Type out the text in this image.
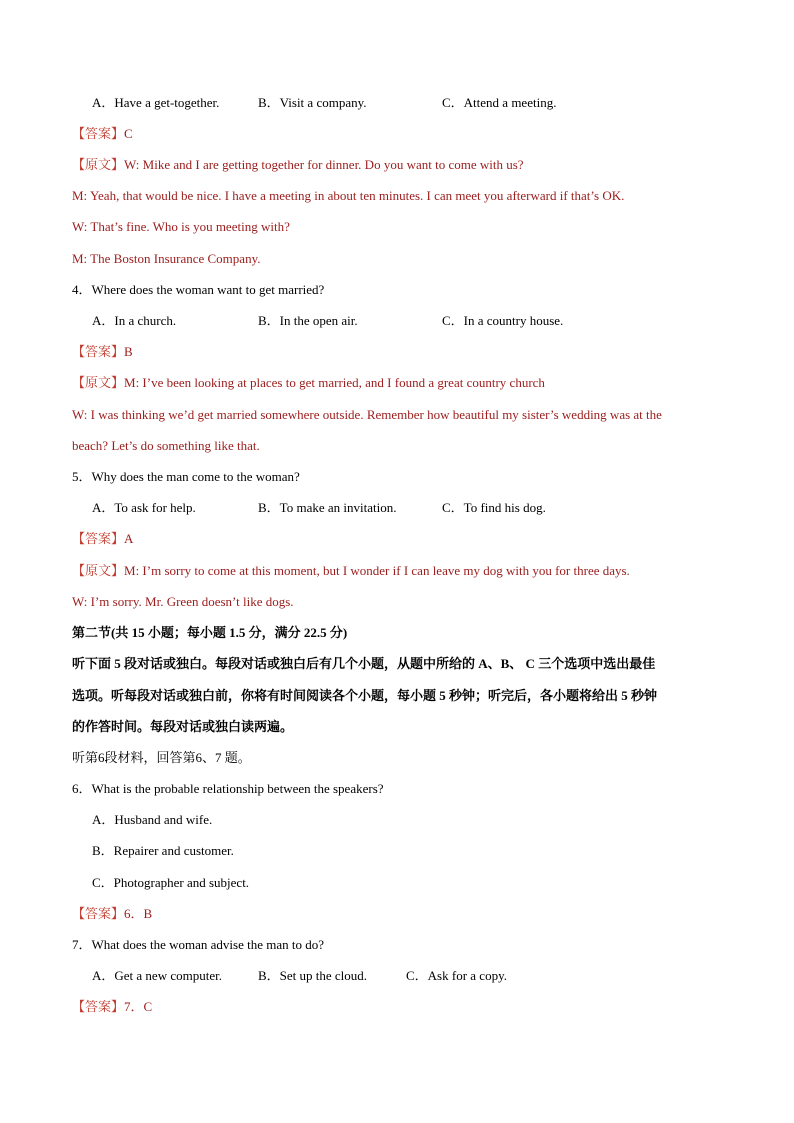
A．Have a get-together.	B．Visit a company.	C．Attend a meeting.
【答案】C
【原文】W: Mike and I are getting together for dinner. Do you want to come with us?
M: Yeah, that would be nice. I have a meeting in about ten minutes. I can meet you afterward if that’s OK.
W: That’s fine. Who is you meeting with?
M: The Boston Insurance Company.
4．Where does the woman want to get married?
A．In a church.	B．In the open air.	C．In a country house.
【答案】B
【原文】M: I’ve been looking at places to get married, and I found a great country church
W: I was thinking we’d get married somewhere outside. Remember how beautiful my sister’s wedding was at the
beach? Let’s do something like that.
5．Why does the man come to the woman?
A．To ask for help.	B．To make an invitation.	C．To find his dog.
【答案】A
【原文】M: I’m sorry to come at this moment, but I wonder if I can leave my dog with you for three days.
W: I’m sorry. Mr. Green doesn’t like dogs.
第二节(共 15 小题；每小题 1.5 分，满分 22.5 分)
听下面 5 段对话或独白。每段对话或独白后有几个小题，从题中所给的 A、B、 C 三个选项中选出最佳
选项。听每段对话或独白前，你将有时间阅读各个小题，每小题 5 秒钟；听完后，各小题将给出 5 秒钟
的作答时间。每段对话或独白读两遍。
听第6段材料，回答第6、7 题。
6．What is the probable relationship between the speakers?
A．Husband and wife.
B．Repairer and customer.
C．Photographer and subject.
【答案】6．B
7．What does the woman advise the man to do?
A．Get a new computer.	B．Set up the cloud.	C．Ask for a copy.
【答案】7．C
